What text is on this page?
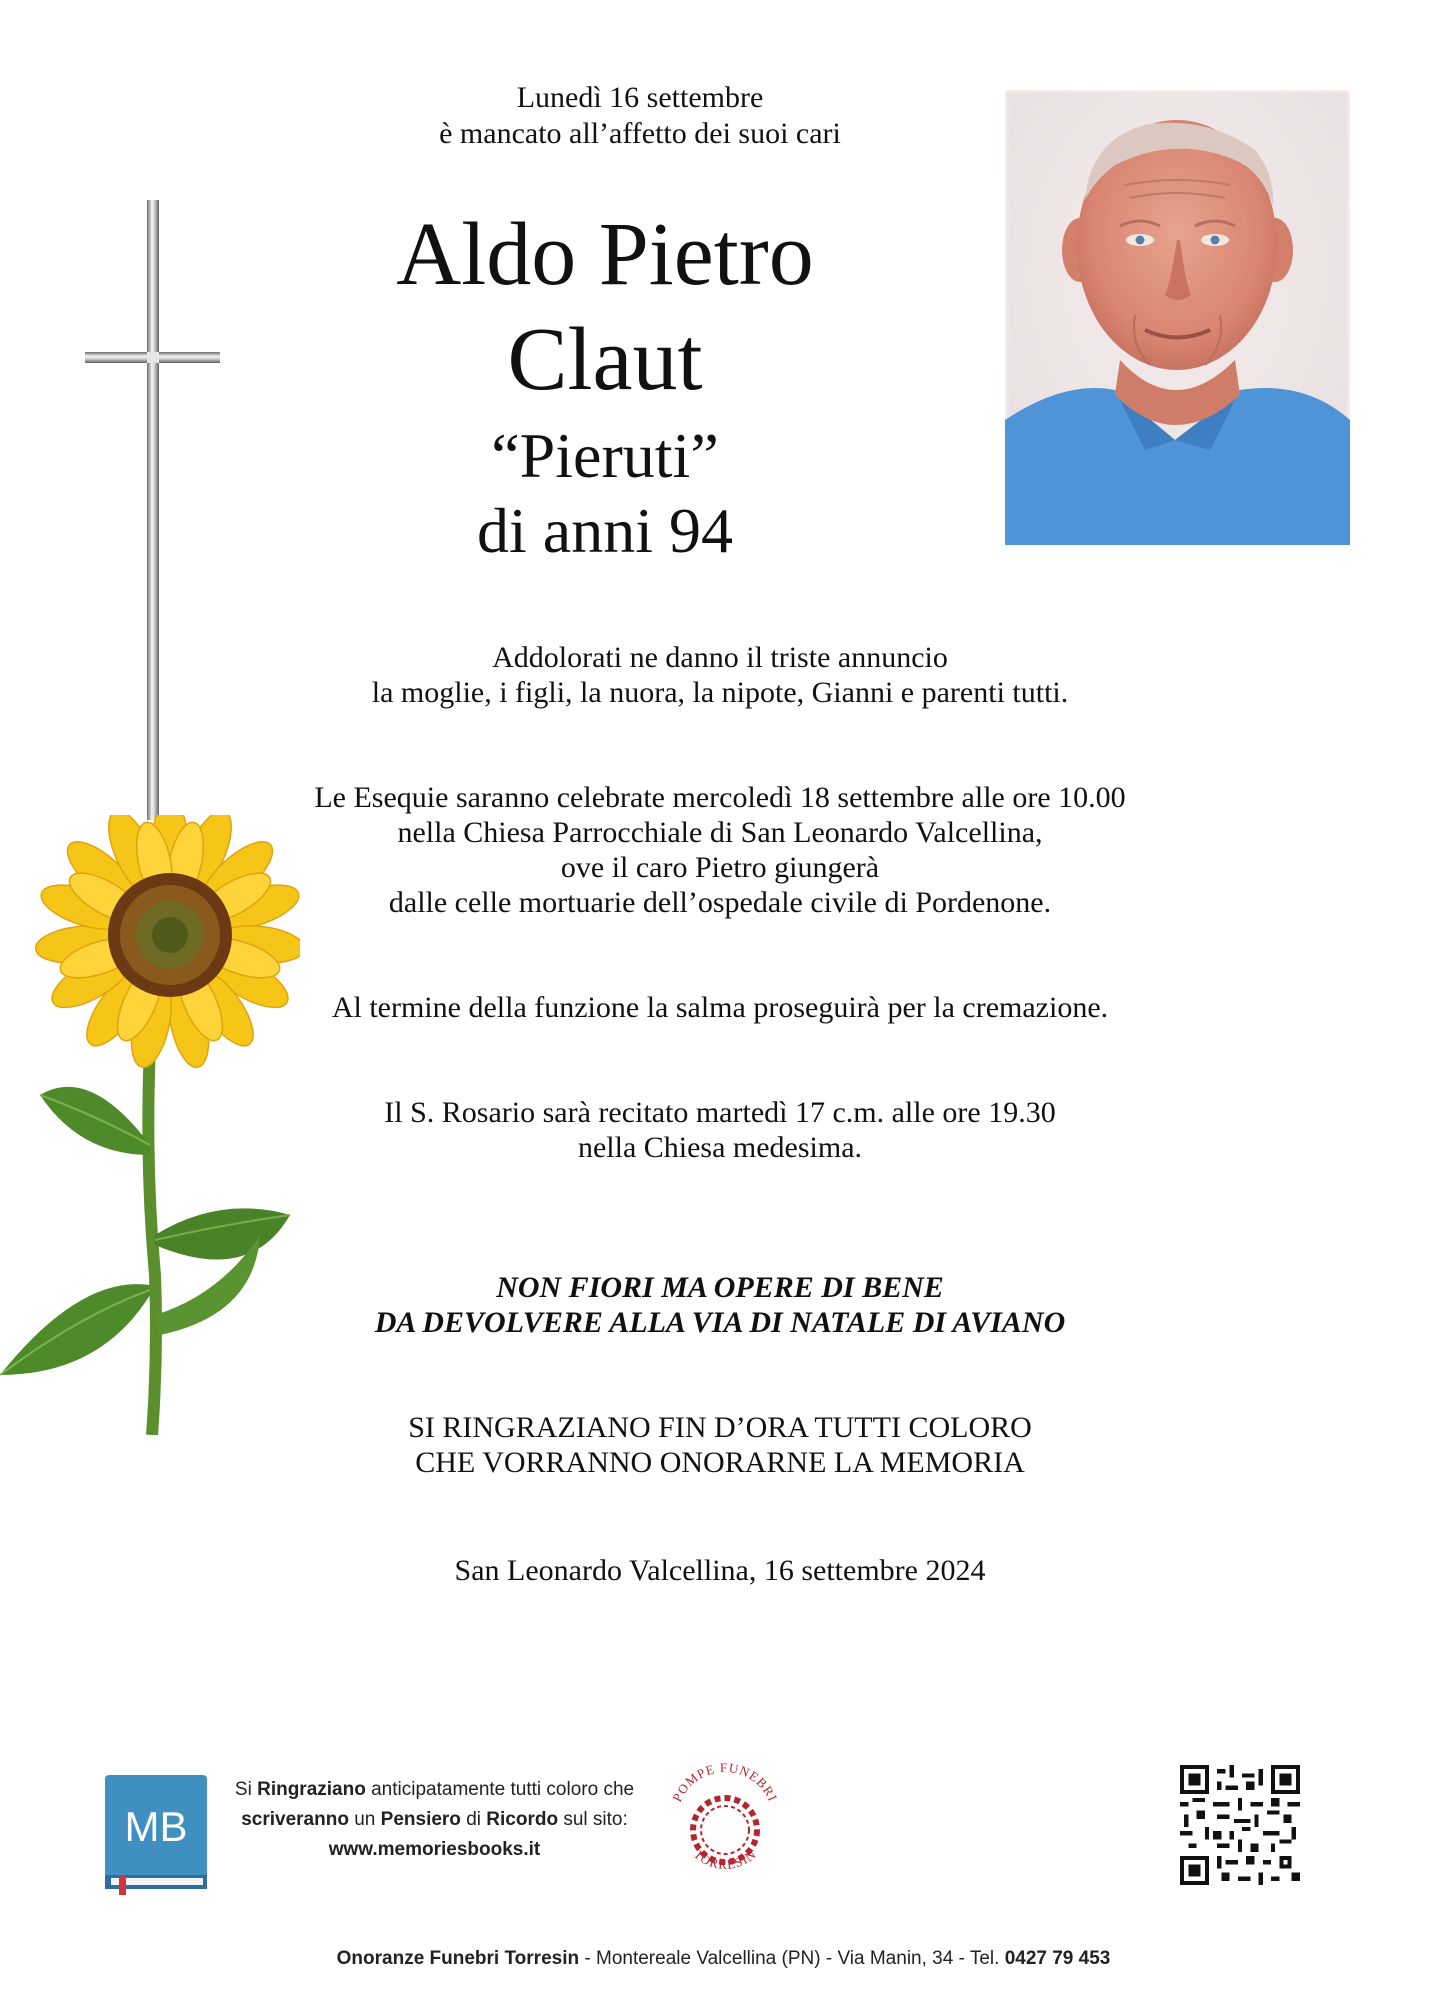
Lunedì 16 settembre
è mancato all’affetto dei suoi cari
Aldo Pietro
Claut
“Pieruti”
di anni 94
Addolorati ne danno il triste annuncio
la moglie, i figli, la nuora, la nipote, Gianni e parenti tutti.
Le Esequie saranno celebrate mercoledì 18 settembre alle ore 10.00
nella Chiesa Parrocchiale di San Leonardo Valcellina,
ove il caro Pietro giungerà
dalle celle mortuarie dell’ospedale civile di Pordenone.
Al termine della funzione la salma proseguirà per la cremazione.
Il S. Rosario sarà recitato martedì 17 c.m. alle ore 19.30
nella Chiesa medesima.
NON FIORI MA OPERE DI BENE
DA DEVOLVERE ALLA VIA DI NATALE DI AVIANO
SI RINGRAZIANO FIN D’ORA TUTTI COLORO
CHE VORRANNO ONORARNE LA MEMORIA
San Leonardo Valcellina, 16 settembre 2024
MB
Si Ringraziano anticipatamente tutti coloro che
scriveranno un Pensiero di Ricordo sul sito:
www.memoriesbooks.it
POMPE FUNEBRI
TORRESIN
Onoranze Funebri Torresin - Montereale Valcellina (PN) - Via Manin, 34 - Tel. 0427 79 453
